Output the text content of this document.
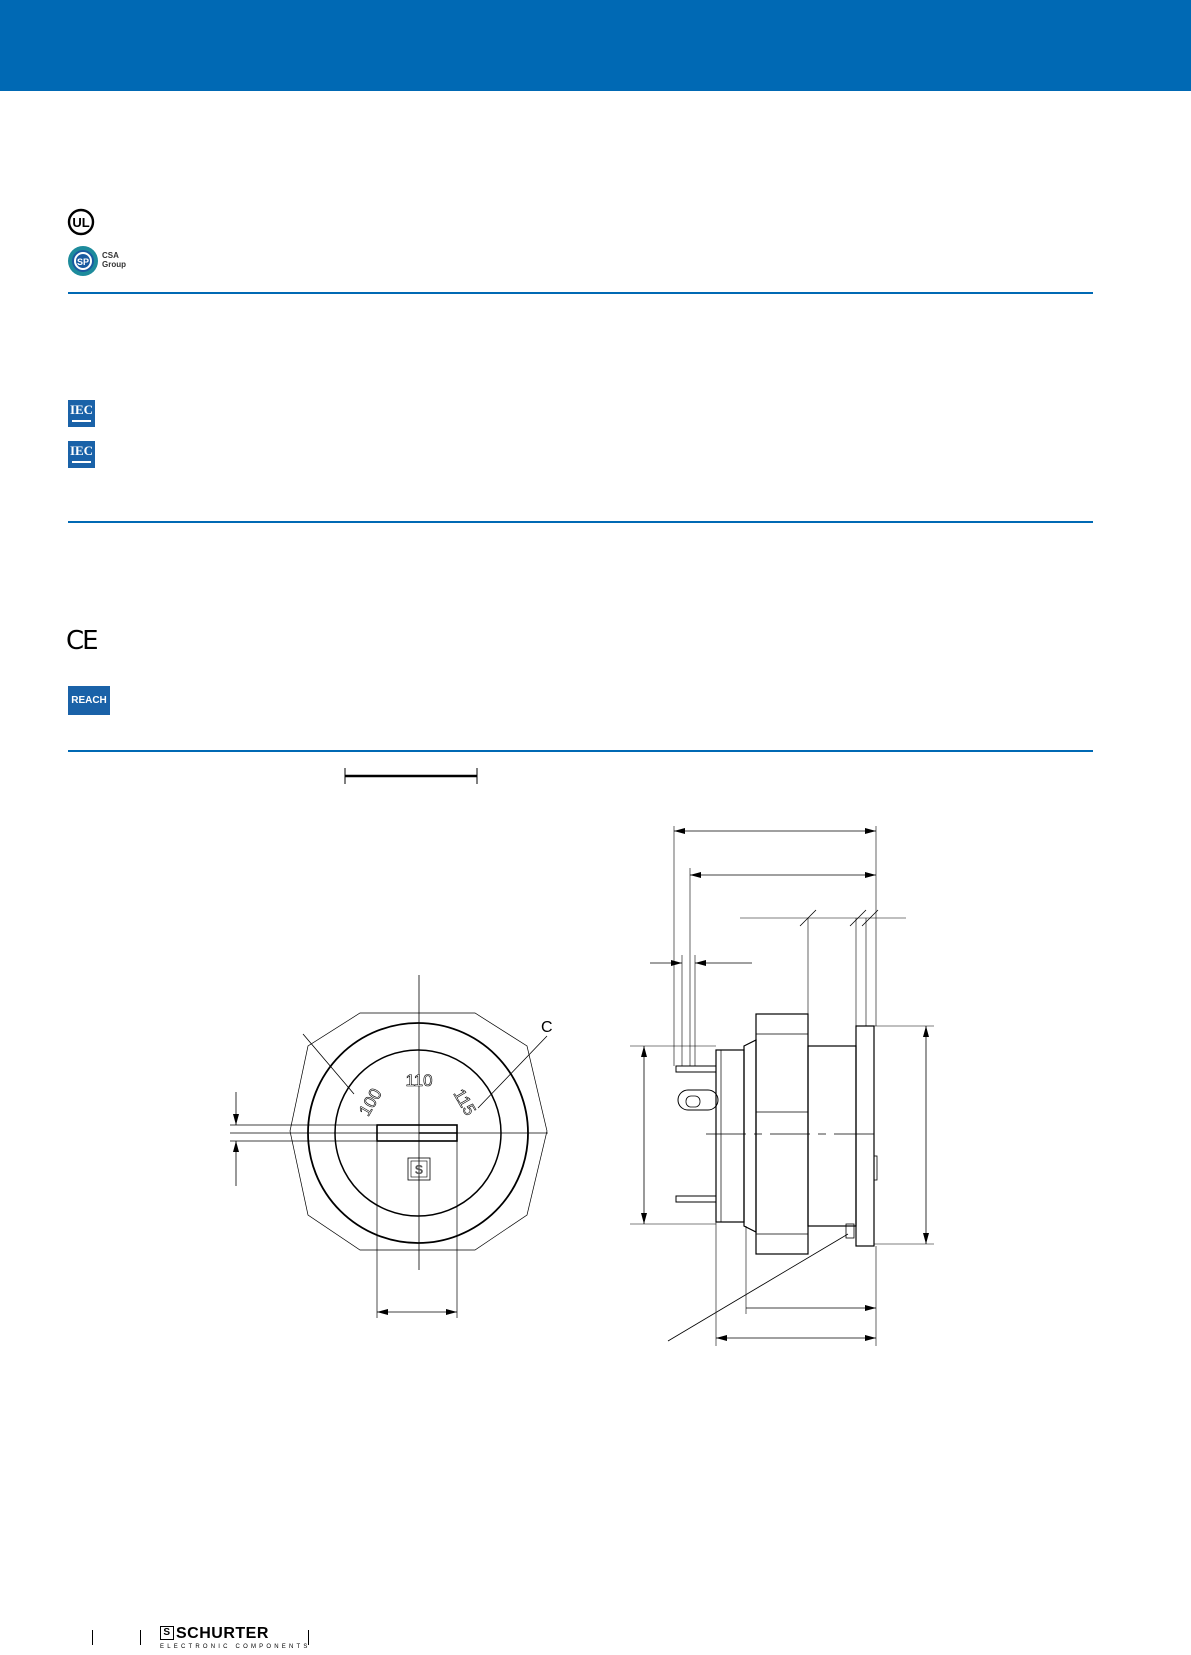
UL
SP
CSA
Group
IEC
IEC
CE
REACH
S
100
110
115
C
S SCHURTER
ELECTRONIC COMPONENTS
